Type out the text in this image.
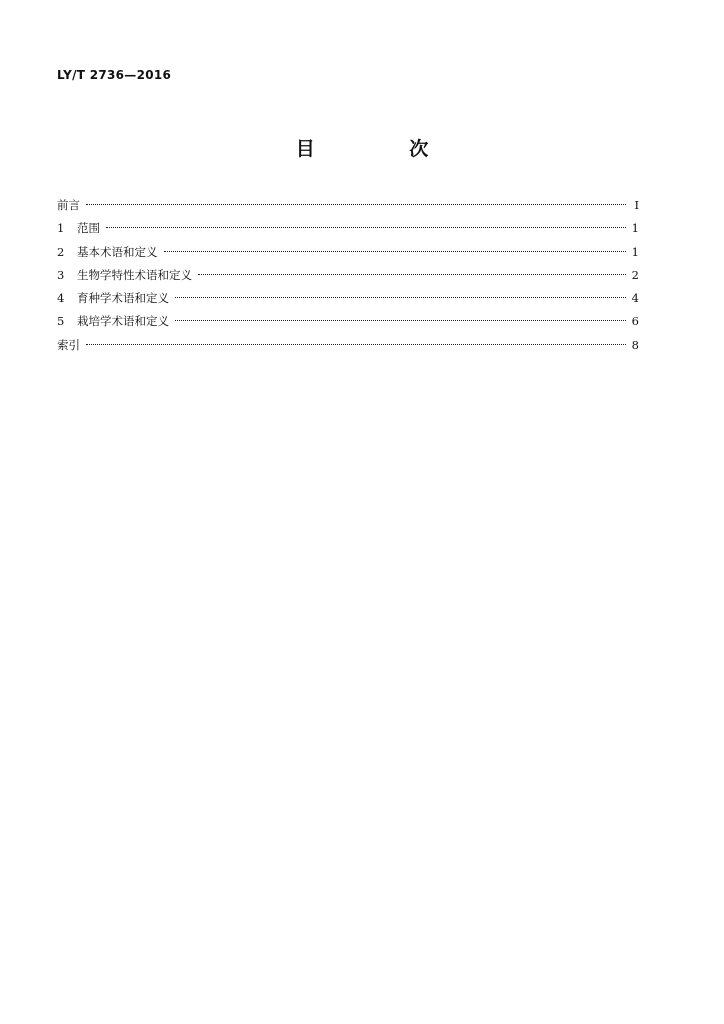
LY/T 2736—2016
目 次
前言	I
1	范围	1
2	基本术语和定义	1
3	生物学特性术语和定义	2
4	育种学术语和定义	4
5	栽培学术语和定义	6
索引	8
